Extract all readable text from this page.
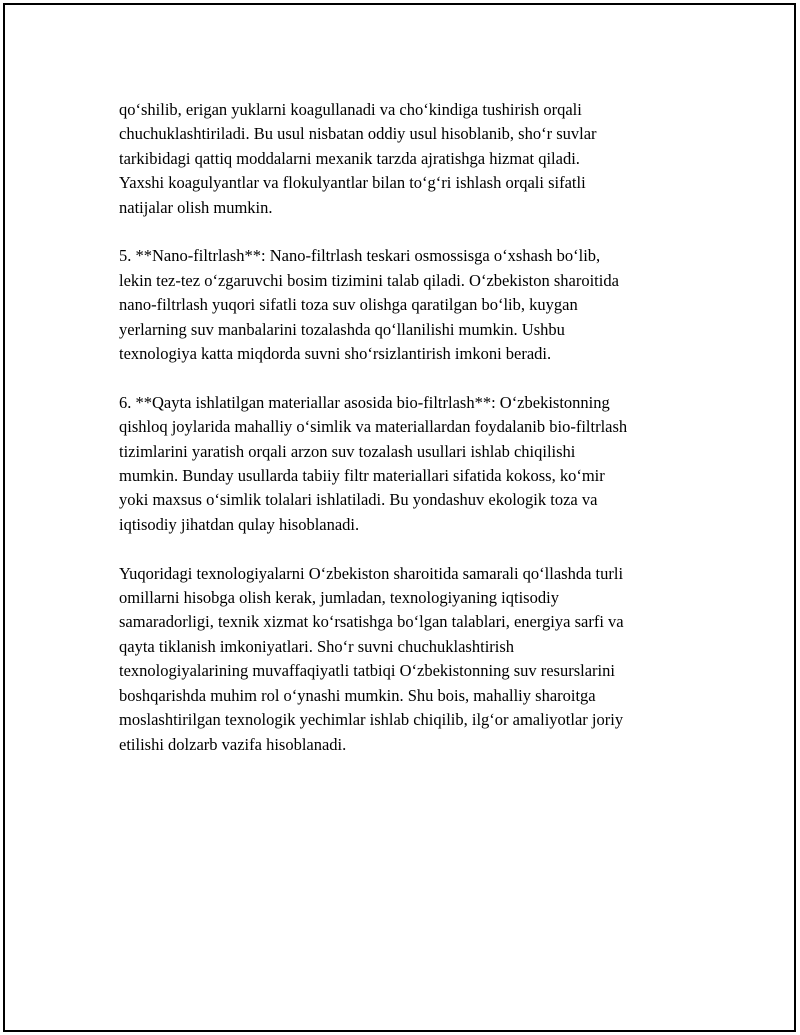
qo‘shilib, erigan yuklarni koagullanadi va cho‘kindiga tushirish orqali
chuchuklashtiriladi. Bu usul nisbatan oddiy usul hisoblanib, sho‘r suvlar
tarkibidagi qattiq moddalarni mexanik tarzda ajratishga hizmat qiladi.
Yaxshi koagulyantlar va flokulyantlar bilan to‘g‘ri ishlash orqali sifatli
natijalar olish mumkin.

5. **Nano-filtrlash**: Nano-filtrlash teskari osmossisga o‘xshash bo‘lib,
lekin tez-tez o‘zgaruvchi bosim tizimini talab qiladi. O‘zbekiston sharoitida
nano-filtrlash yuqori sifatli toza suv olishga qaratilgan bo‘lib, kuygan
yerlarning suv manbalarini tozalashda qo‘llanilishi mumkin. Ushbu
texnologiya katta miqdorda suvni sho‘rsizlantirish imkoni beradi.

6. **Qayta ishlatilgan materiallar asosida bio-filtrlash**: O‘zbekistonning
qishloq joylarida mahalliy o‘simlik va materiallardan foydalanib bio-filtrlash
tizimlarini yaratish orqali arzon suv tozalash usullari ishlab chiqilishi
mumkin. Bunday usullarda tabiiy filtr materiallari sifatida kokoss, ko‘mir
yoki maxsus o‘simlik tolalari ishlatiladi. Bu yondashuv ekologik toza va
iqtisodiy jihatdan qulay hisoblanadi.

Yuqoridagi texnologiyalarni O‘zbekiston sharoitida samarali qo‘llashda turli
omillarni hisobga olish kerak, jumladan, texnologiyaning iqtisodiy
samaradorligi, texnik xizmat ko‘rsatishga bo‘lgan talablari, energiya sarfi va
qayta tiklanish imkoniyatlari. Sho‘r suvni chuchuklashtirish
texnologiyalarining muvaffaqiyatli tatbiqi O‘zbekistonning suv resurslarini
boshqarishda muhim rol o‘ynashi mumkin. Shu bois, mahalliy sharoitga
moslashtirilgan texnologik yechimlar ishlab chiqilib, ilg‘or amaliyotlar joriy
etilishi dolzarb vazifa hisoblanadi.
